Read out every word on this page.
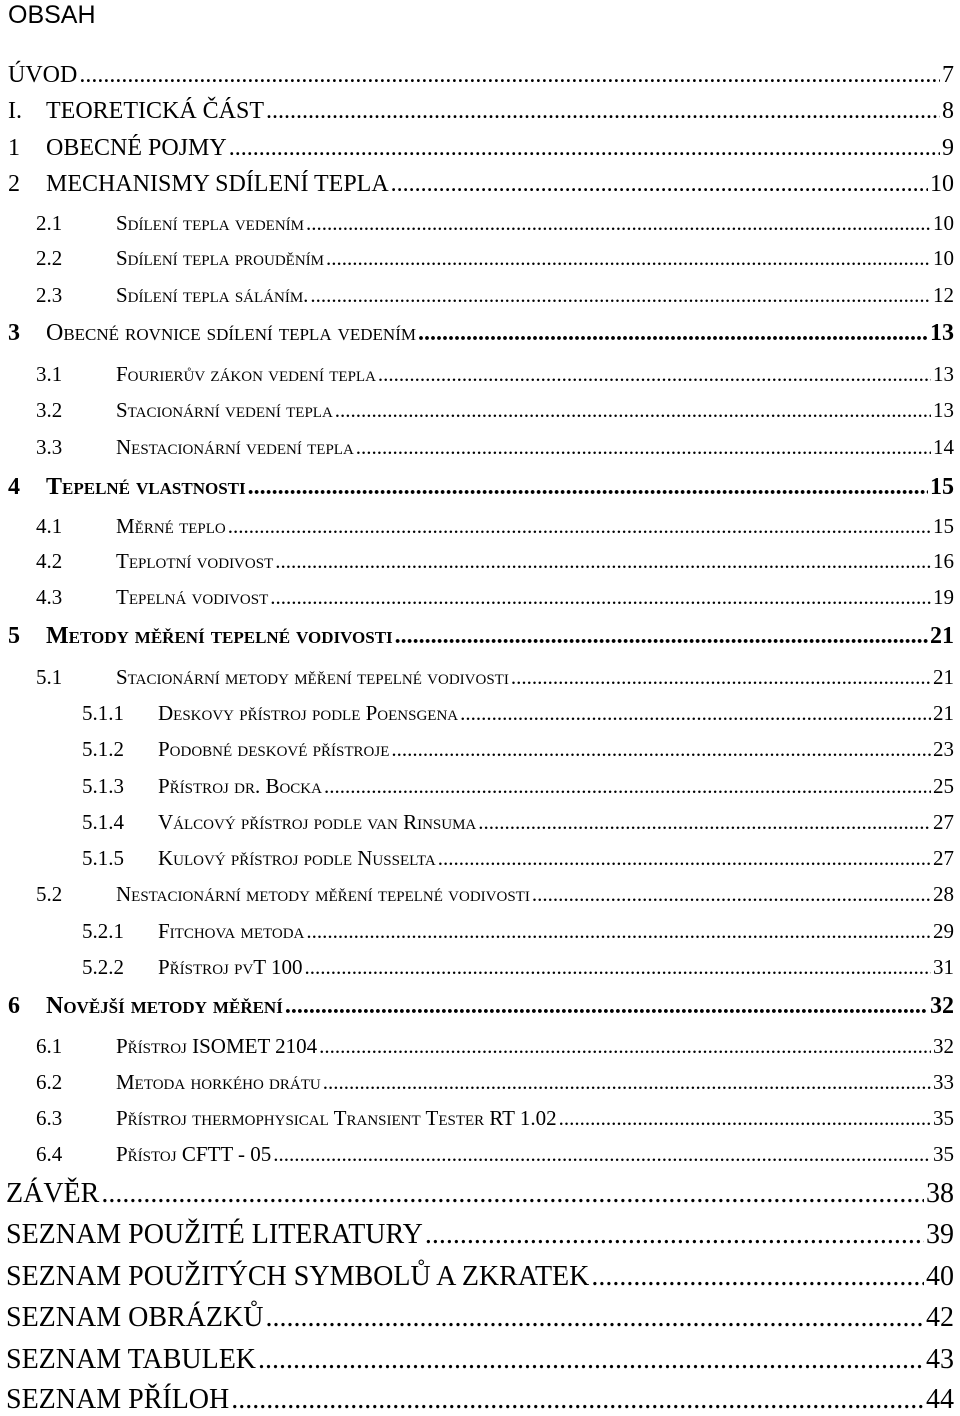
OBSAH
ÚVOD .....	7
I.	TEORETICKÁ ČÁST .....	8
1	OBECNÉ POJMY .....	9
2	MECHANISMY SDÍLENÍ TEPLA .....	10
2.1	Sdílení tepla vedením .....	10
2.2	Sdílení tepla prouděním .....	10
2.3	Sdílení tepla sáláním. .....	12
3	Obecné rovnice sdílení tepla vedením .....	13
3.1	Fourierův zákon vedení tepla .....	13
3.2	Stacionární vedení tepla .....	13
3.3	Nestacionární vedení tepla .....	14
4	Tepelné vlastnosti .....	15
4.1	Měrné teplo .....	15
4.2	Teplotní vodivost .....	16
4.3	Tepelná vodivost .....	19
5	Metody měření tepelné vodivosti .....	21
5.1	Stacionární metody měření tepelné vodivosti .....	21
5.1.1	Deskovy přístroj podle Poensgena .....	21
5.1.2	Podobné deskové přístroje .....	23
5.1.3	Přístroj dr. Bocka .....	25
5.1.4	Válcový přístroj podle van Rinsuma .....	27
5.1.5	Kulový přístroj podle Nusselta .....	27
5.2	Nestacionární metody měření tepelné vodivosti .....	28
5.2.1	Fitchova metoda .....	29
5.2.2	Přístroj pvT 100 .....	31
6	Novější metody měření .....	32
6.1	Přístroj ISOMET 2104 .....	32
6.2	Metoda horkého drátu .....	33
6.3	Přístroj thermophysical Transient Tester RT 1.02 .....	35
6.4	Přístoj CFTT - 05 .....	35
ZÁVĚR .....	38
SEZNAM POUŽITÉ LITERATURY .....	39
SEZNAM POUŽITÝCH SYMBOLŮ A ZKRATEK .....	40
SEZNAM OBRÁZKŮ .....	42
SEZNAM TABULEK .....	43
SEZNAM PŘÍLOH .....	44
